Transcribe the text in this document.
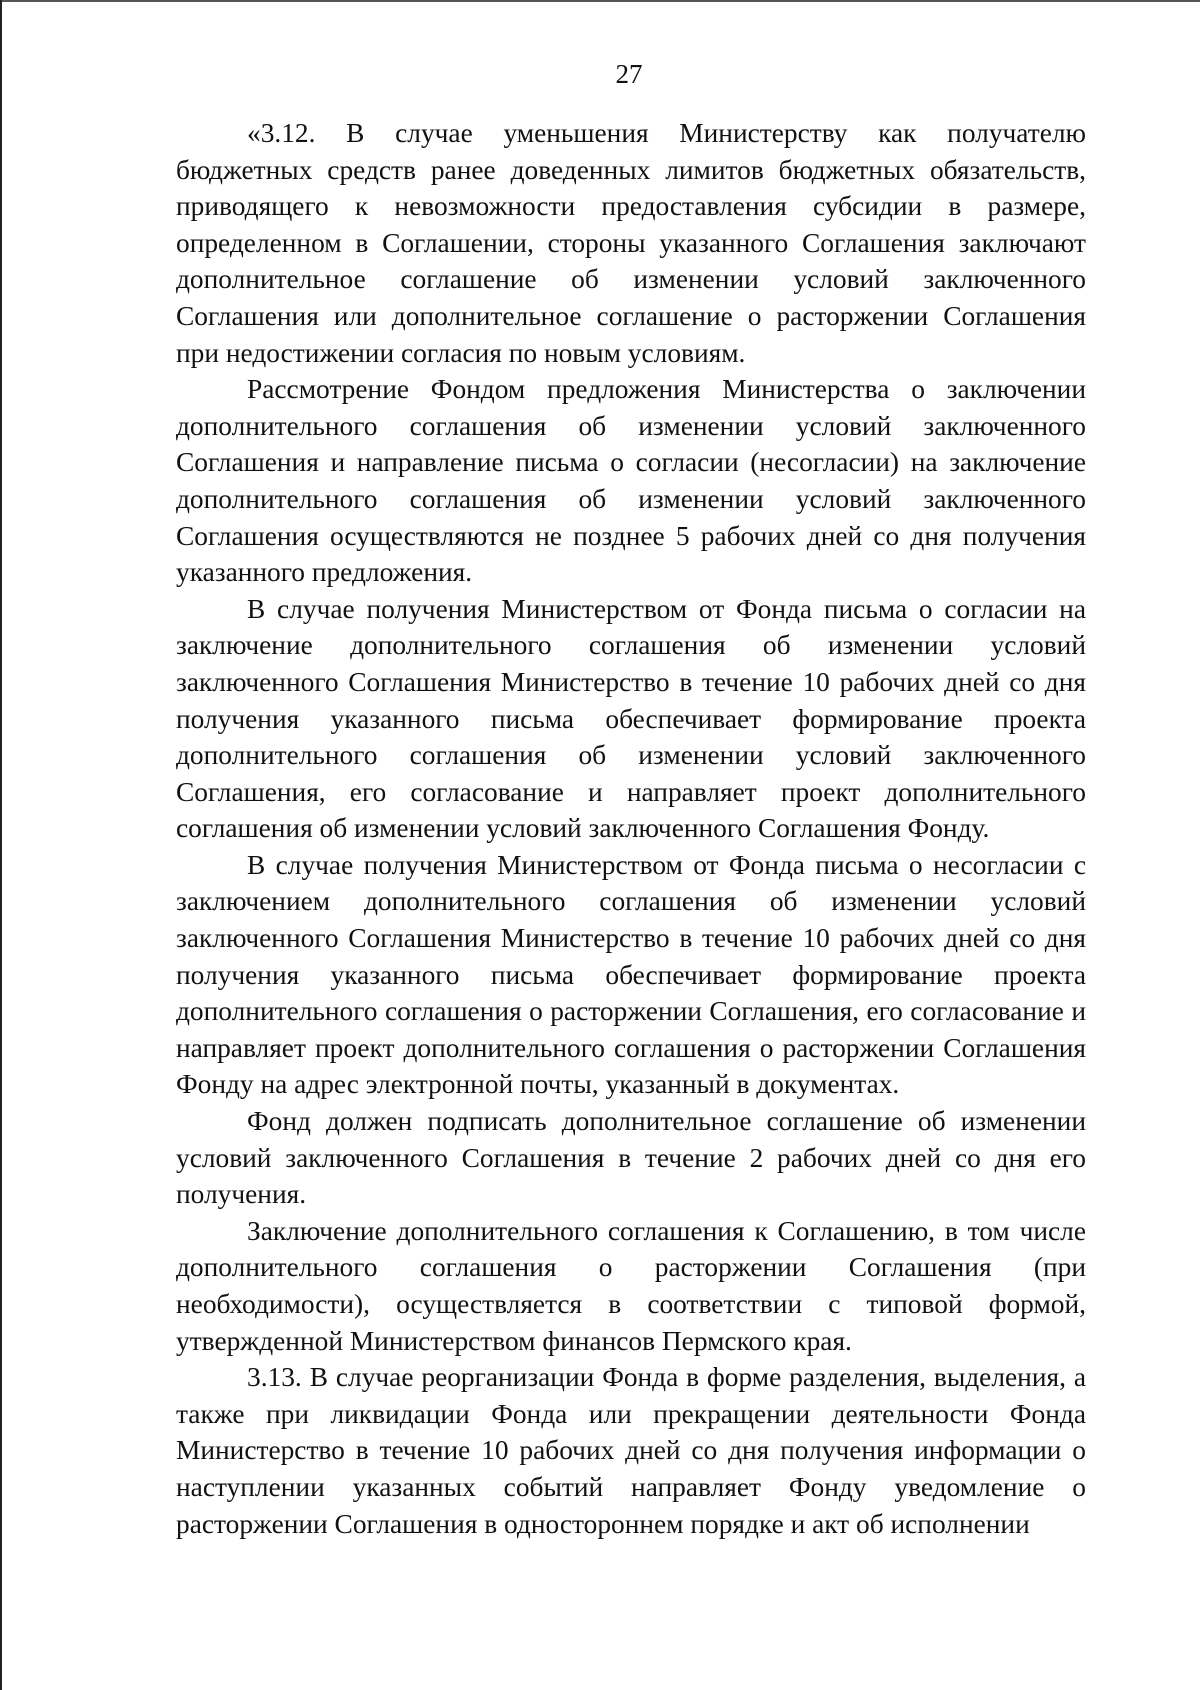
27

«3.12. В случае уменьшения Министерству как получателю бюджетных средств ранее доведенных лимитов бюджетных обязательств, приводящего к невозможности предоставления субсидии в размере, определенном в Соглашении, стороны указанного Соглашения заключают дополнительное соглашение об изменении условий заключенного Соглашения или дополнительное соглашение о расторжении Соглашения при недостижении согласия по новым условиям.

Рассмотрение Фондом предложения Министерства о заключении дополнительного соглашения об изменении условий заключенного Соглашения и направление письма о согласии (несогласии) на заключение дополнительного соглашения об изменении условий заключенного Соглашения осуществляются не позднее 5 рабочих дней со дня получения указанного предложения.

В случае получения Министерством от Фонда письма о согласии на заключение дополнительного соглашения об изменении условий заключенного Соглашения Министерство в течение 10 рабочих дней со дня получения указанного письма обеспечивает формирование проекта дополнительного соглашения об изменении условий заключенного Соглашения, его согласование и направляет проект дополнительного соглашения об изменении условий заключенного Соглашения Фонду.

В случае получения Министерством от Фонда письма о несогласии с заключением дополнительного соглашения об изменении условий заключенного Соглашения Министерство в течение 10 рабочих дней со дня получения указанного письма обеспечивает формирование проекта дополнительного соглашения о расторжении Соглашения, его согласование и направляет проект дополнительного соглашения о расторжении Соглашения Фонду на адрес электронной почты, указанный в документах.

Фонд должен подписать дополнительное соглашение об изменении условий заключенного Соглашения в течение 2 рабочих дней со дня его получения.

Заключение дополнительного соглашения к Соглашению, в том числе дополнительного соглашения о расторжении Соглашения (при необходимости), осуществляется в соответствии с типовой формой, утвержденной Министерством финансов Пермского края.

3.13. В случае реорганизации Фонда в форме разделения, выделения, а также при ликвидации Фонда или прекращении деятельности Фонда Министерство в течение 10 рабочих дней со дня получения информации о наступлении указанных событий направляет Фонду уведомление о расторжении Соглашения в одностороннем порядке и акт об исполнении
